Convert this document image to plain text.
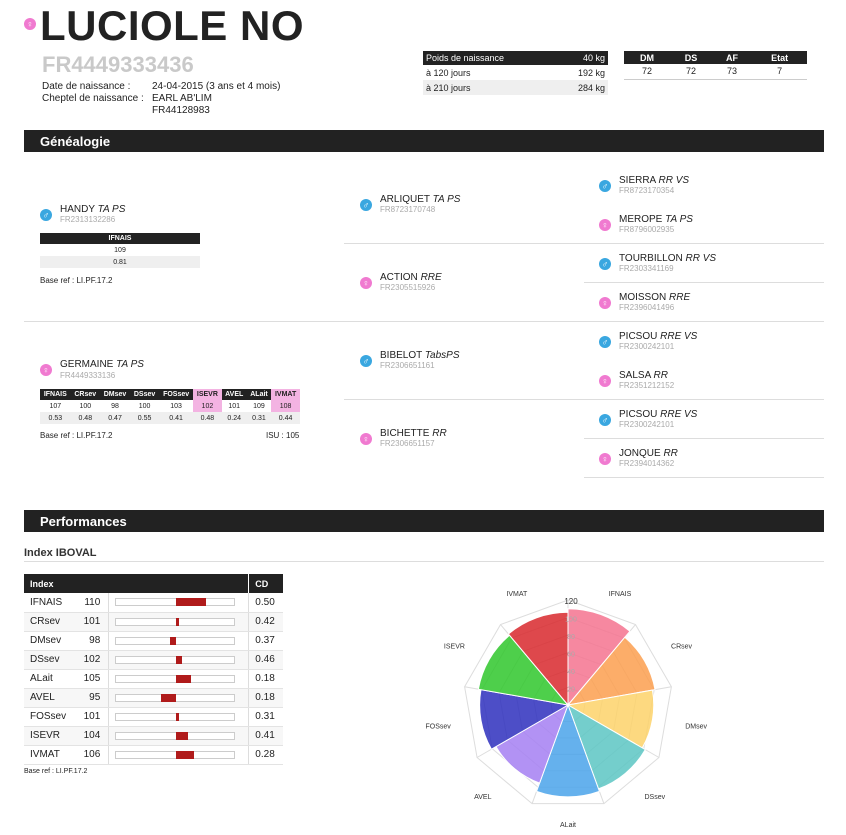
♀ LUCIOLE NO
FR4449333436
Date de naissance : 24-04-2015 (3 ans et 4 mois)
Cheptel de naissance : EARL AB'LIM
FR44128983
Poids de naissance	40 kg
à 120 jours	192 kg
à 210 jours	284 kg
DM	DS	AF	Etat
72	72	73	7
Généalogie
♂ HANDY TA PS
FR2313132286
IFNAIS
109
0.81
Base ref : LI.PF.17.2
♀ GERMAINE TA PS
FR4449333136
IFNAIS	CRsev	DMsev	DSsev	FOSsev	ISEVR	AVEL	ALait	IVMAT
107	100	98	100	103	102	101	109	108
0.53	0.48	0.47	0.55	0.41	0.48	0.24	0.31	0.44
Base ref : LI.PF.17.2	ISU : 105
♂ ARLIQUET TA PS
FR8723170748
♀ ACTION RRE
FR2305515926
♂ BIBELOT TabsPS
FR2306651161
♀ BICHETTE RR
FR2306651157
♂ SIERRA RR VS
FR8723170354
♀ MEROPE TA PS
FR8796002935
♂ TOURBILLON RR VS
FR2303341169
♀ MOISSON RRE
FR2396041496
♂ PICSOU RRE VS
FR2300242101
♀ SALSA RR
FR2351212152
♂ PICSOU RRE VS
FR2300242101
♀ JONQUE RR
FR2394014362
Performances
Index IBOVAL
Index			CD
IFNAIS	110		0.50
CRsev	101		0.42
DMsev	98		0.37
DSsev	102		0.46
ALait	105		0.18
AVEL	95		0.18
FOSsev	101		0.31
ISEVR	104		0.41
IVMAT	106		0.28
Base ref : LI.PF.17.2
120
100
80
60
40
20
IFNAIS
CRsev
DMsev
DSsev
ALait
AVEL
FOSsev
ISEVR
IVMAT
